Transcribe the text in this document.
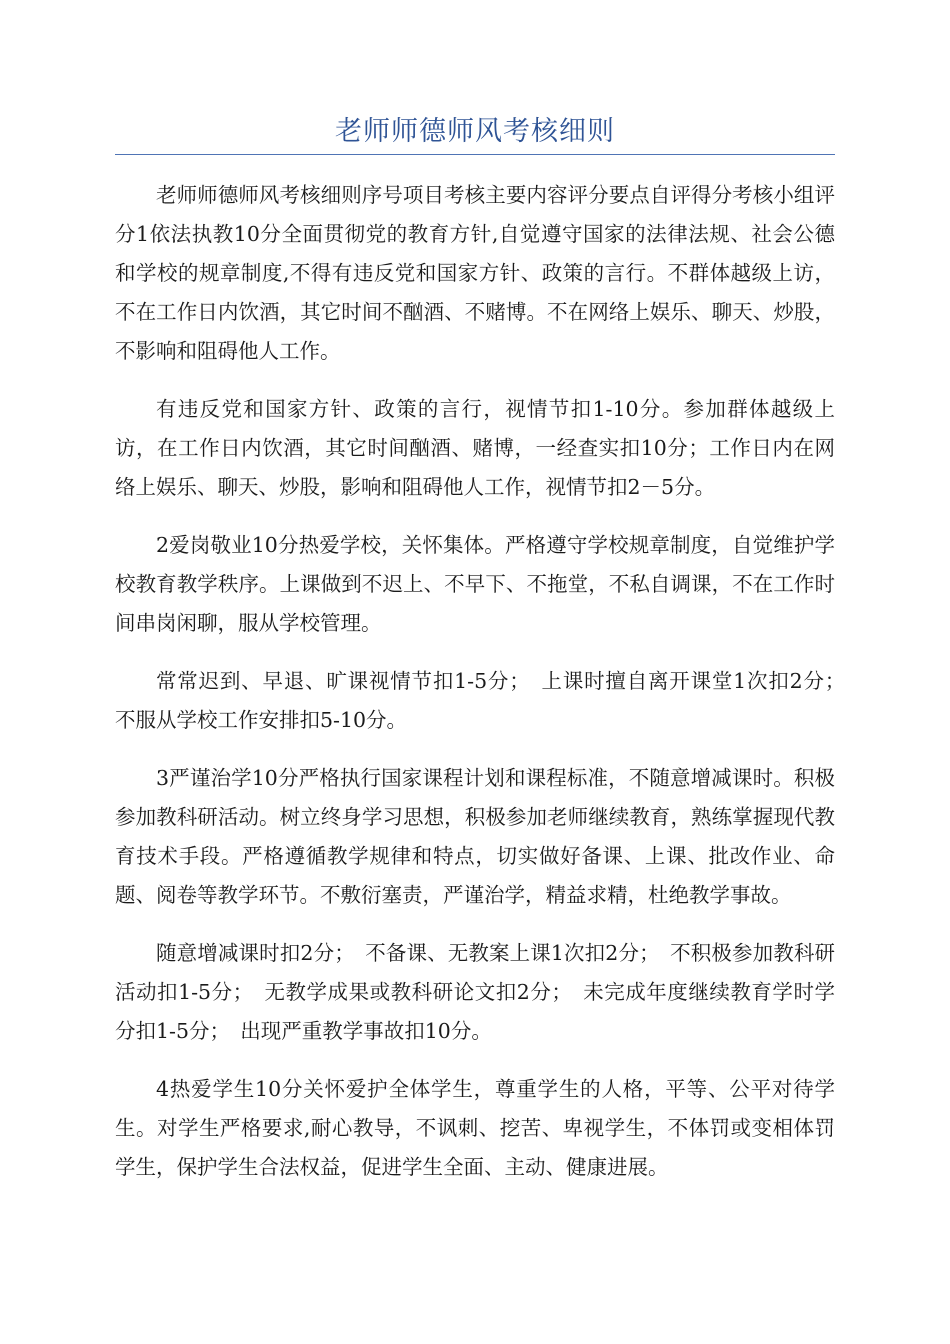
老师师德师风考核细则

老师师德师风考核细则序号项目考核主要内容评分要点自评得分考核小组评分1依法执教10分全面贯彻党的教育方针,自觉遵守国家的法律法规、社会公德和学校的规章制度,不得有违反党和国家方针、政策的言行。不群体越级上访，不在工作日内饮酒，其它时间不酗酒、不赌博。不在网络上娱乐、聊天、炒股，不影响和阻碍他人工作。

有违反党和国家方针、政策的言行，视情节扣1-10分。参加群体越级上访，在工作日内饮酒，其它时间酗酒、赌博，一经查实扣10分；工作日内在网络上娱乐、聊天、炒股，影响和阻碍他人工作，视情节扣2－5分。

2爱岗敬业10分热爱学校，关怀集体。严格遵守学校规章制度，自觉维护学校教育教学秩序。上课做到不迟上、不早下、不拖堂，不私自调课，不在工作时间串岗闲聊，服从学校管理。

常常迟到、早退、旷课视情节扣1-5分；　上课时擅自离开课堂1次扣2分；　不服从学校工作安排扣5-10分。

3严谨治学10分严格执行国家课程计划和课程标准，不随意增减课时。积极参加教科研活动。树立终身学习思想，积极参加老师继续教育，熟练掌握现代教育技术手段。严格遵循教学规律和特点，切实做好备课、上课、批改作业、命题、阅卷等教学环节。不敷衍塞责，严谨治学，精益求精，杜绝教学事故。

随意增减课时扣2分；　不备课、无教案上课1次扣2分；　不积极参加教科研活动扣1-5分；　无教学成果或教科研论文扣2分；　未完成年度继续教育学时学分扣1-5分；　出现严重教学事故扣10分。

4热爱学生10分关怀爱护全体学生，尊重学生的人格，平等、公平对待学生。对学生严格要求,耐心教导，不讽刺、挖苦、卑视学生，不体罚或变相体罚学生，保护学生合法权益，促进学生全面、主动、健康进展。
